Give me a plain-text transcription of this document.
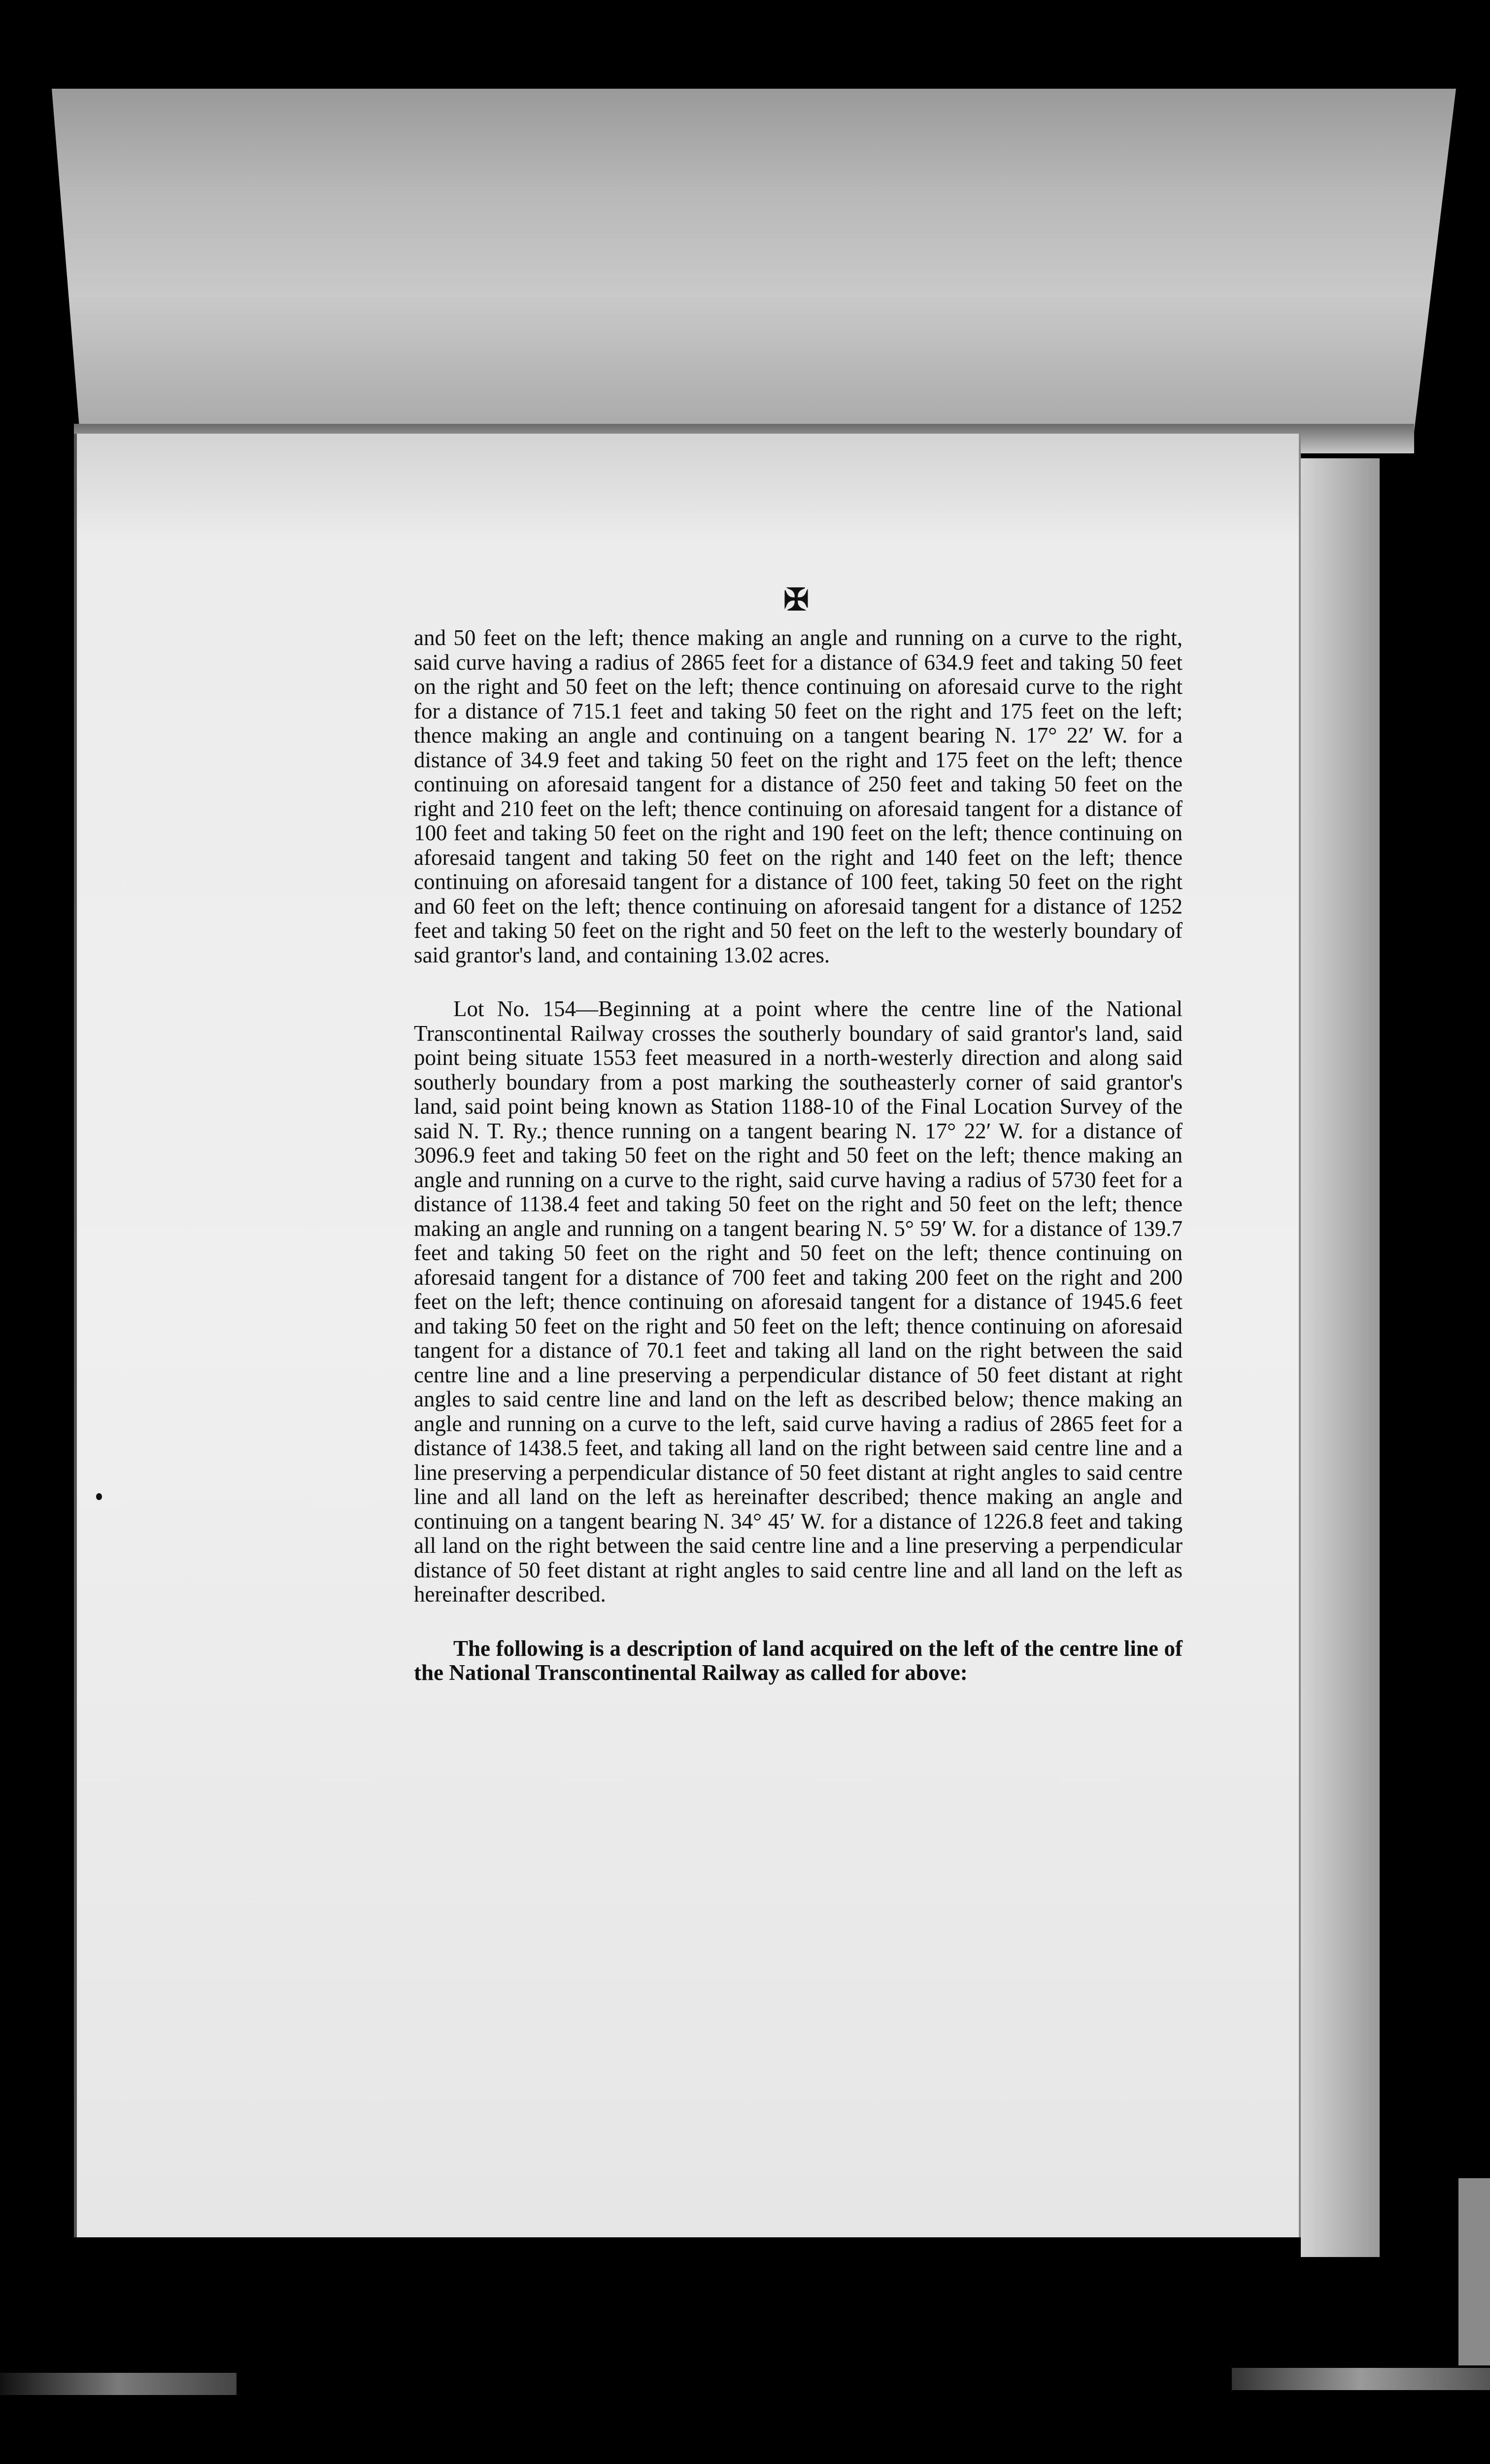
✠

and 50 feet on the left; thence making an angle and running on a curve to the right, said curve having a radius of 2865 feet for a distance of 634.9 feet and taking 50 feet on the right and 50 feet on the left; thence continuing on aforesaid curve to the right for a distance of 715.1 feet and taking 50 feet on the right and 175 feet on the left; thence making an angle and continuing on a tangent bearing N. 17° 22′ W. for a distance of 34.9 feet and taking 50 feet on the right and 175 feet on the left; thence continuing on aforesaid tangent for a distance of 250 feet and taking 50 feet on the right and 210 feet on the left; thence continuing on aforesaid tangent for a distance of 100 feet and taking 50 feet on the right and 190 feet on the left; thence continuing on aforesaid tangent and taking 50 feet on the right and 140 feet on the left; thence continuing on aforesaid tangent for a distance of 100 feet, taking 50 feet on the right and 60 feet on the left; thence continuing on aforesaid tangent for a distance of 1252 feet and taking 50 feet on the right and 50 feet on the left to the westerly boundary of said grantor's land, and containing 13.02 acres.

Lot No. 154—Beginning at a point where the centre line of the National Transcontinental Railway crosses the southerly boundary of said grantor's land, said point being situate 1553 feet measured in a north-westerly direction and along said southerly boundary from a post marking the southeasterly corner of said grantor's land, said point being known as Station 1188-10 of the Final Location Survey of the said N. T. Ry.; thence running on a tangent bearing N. 17° 22′ W. for a distance of 3096.9 feet and taking 50 feet on the right and 50 feet on the left; thence making an angle and running on a curve to the right, said curve having a radius of 5730 feet for a distance of 1138.4 feet and taking 50 feet on the right and 50 feet on the left; thence making an angle and running on a tangent bearing N. 5° 59′ W. for a distance of 139.7 feet and taking 50 feet on the right and 50 feet on the left; thence continuing on aforesaid tangent for a distance of 700 feet and taking 200 feet on the right and 200 feet on the left; thence continuing on aforesaid tangent for a distance of 1945.6 feet and taking 50 feet on the right and 50 feet on the left; thence continuing on aforesaid tangent for a distance of 70.1 feet and taking all land on the right between the said centre line and a line preserving a perpendicular distance of 50 feet distant at right angles to said centre line and land on the left as described below; thence making an angle and running on a curve to the left, said curve having a radius of 2865 feet for a distance of 1438.5 feet, and taking all land on the right between said centre line and a line preserving a perpendicular distance of 50 feet distant at right angles to said centre line and all land on the left as hereinafter described; thence making an angle and continuing on a tangent bearing N. 34° 45′ W. for a distance of 1226.8 feet and taking all land on the right between the said centre line and a line preserving a perpendicular distance of 50 feet distant at right angles to said centre line and all land on the left as hereinafter described.

The following is a description of land acquired on the left of the centre line of the National Transcontinental Railway as called for above:
